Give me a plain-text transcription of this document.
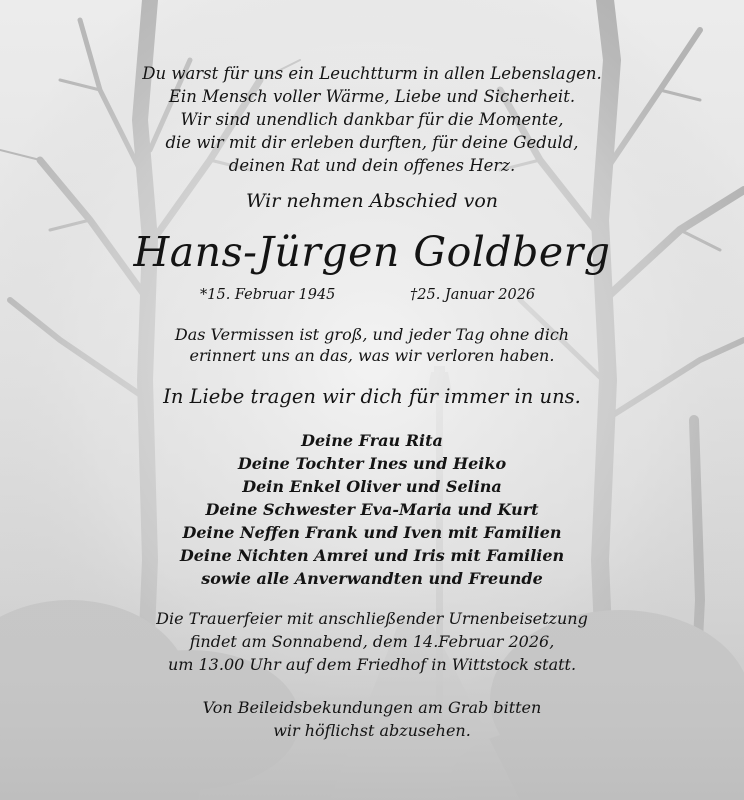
Du warst für uns ein Leuchtturm in allen Lebenslagen.
Ein Mensch voller Wärme, Liebe und Sicherheit.
Wir sind unendlich dankbar für die Momente,
die wir mit dir erleben durften, für deine Geduld,
deinen Rat und dein offenes Herz.
Wir nehmen Abschied von
Hans-Jürgen Goldberg
*15. Februar 1945	†25. Januar 2026
Das Vermissen ist groß, und jeder Tag ohne dich
erinnert uns an das, was wir verloren haben.
In Liebe tragen wir dich für immer in uns.
Deine Frau Rita
Deine Tochter Ines und Heiko
Dein Enkel Oliver und Selina
Deine Schwester Eva-Maria und Kurt
Deine Neffen Frank und Iven mit Familien
Deine Nichten Amrei und Iris mit Familien
sowie alle Anverwandten und Freunde
Die Trauerfeier mit anschließender Urnenbeisetzung
findet am Sonnabend, dem 14.Februar 2026,
um 13.00 Uhr auf dem Friedhof in Wittstock statt.
Von Beileidsbekundungen am Grab bitten
wir höflichst abzusehen.
